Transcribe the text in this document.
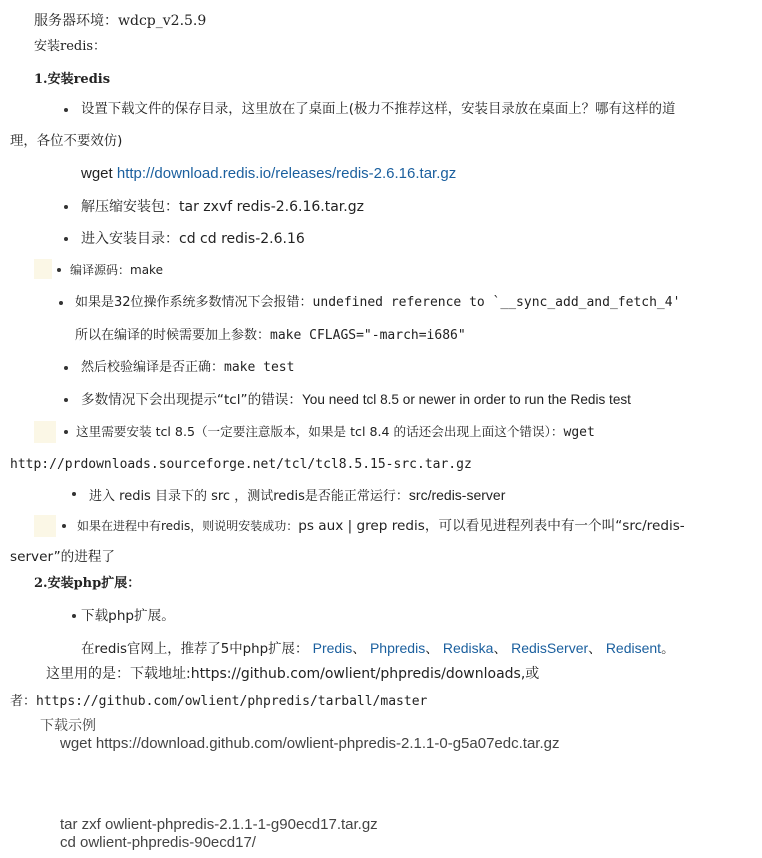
服务器环境：wdcp_v2.5.9
安装redis：
1.安装redis
设置下载文件的保存目录，这里放在了桌面上(极力不推荐这样，安装目录放在桌面上？哪有这样的道
理，各位不要效仿)
wget http://download.redis.io/releases/redis-2.6.16.tar.gz
解压缩安装包：tar zxvf redis-2.6.16.tar.gz
进入安装目录：cd cd redis-2.6.16
编译源码：make
如果是32位操作系统多数情况下会报错：undefined reference to `__sync_add_and_fetch_4'
所以在编译的时候需要加上参数：make CFLAGS="-march=i686"
然后校验编译是否正确：make test
多数情况下会出现提示“tcl”的错误：You need tcl 8.5 or newer in order to run the Redis test
这里需要安装 tcl 8.5（一定要注意版本，如果是 tcl 8.4 的话还会出现上面这个错误）：wget
http://prdownloads.sourceforge.net/tcl/tcl8.5.15-src.tar.gz
进入 redis 目录下的 src ，测试redis是否能正常运行：src/redis-server
如果在进程中有redis，则说明安装成功：ps aux | grep redis，可以看见进程列表中有一个叫“src/redis-
server”的进程了
2.安装php扩展：
下载php扩展。
在redis官网上，推荐了5中php扩展： Predis、 Phpredis、 Rediska、 RedisServer、 Redisent。
这里用的是：下载地址:https://github.com/owlient/phpredis/downloads,或
者：https://github.com/owlient/phpredis/tarball/master
下载示例
wget https://download.github.com/owlient-phpredis-2.1.1-0-g5a07edc.tar.gz
tar zxf owlient-phpredis-2.1.1-1-g90ecd17.tar.gz
cd owlient-phpredis-90ecd17/
